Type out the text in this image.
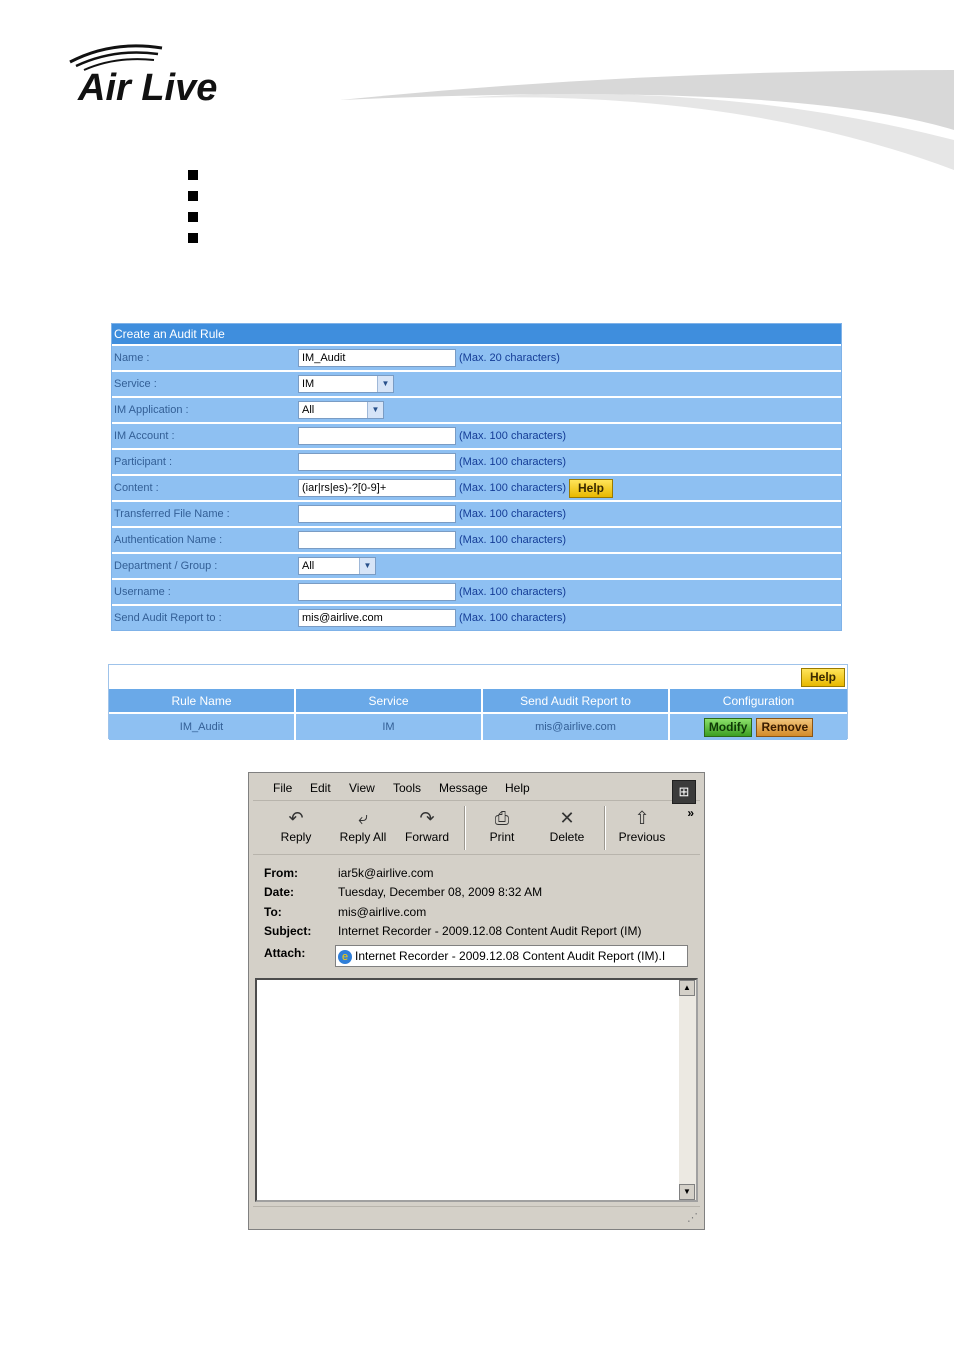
Air Live
Create an Audit Rule	
Name :	IM_Audit (Max. 20 characters)
Service :	IM ▼

IM Application :	All ▼

IM Account :	(Max. 100 characters)
Participant :	(Max. 100 characters)
Content :	(iar|rs|es)-?[0-9]+ (Max. 100 characters) Help
Transferred File Name :	(Max. 100 characters)
Authentication Name :	(Max. 100 characters)
Department / Group :	All ▼

Username :	(Max. 100 characters)
Send Audit Report to :	mis@airlive.com (Max. 100 characters)
Help
Rule Name	Service	Send Audit Report to	Configuration
IM_Audit	IM	mis@airlive.com	Modify Remove
File Edit View Tools Message Help	⊞
↶
Reply
⤶
Reply All
↷
Forward
⎙
Print
✕
Delete
⇧
Previous
»
From:	iar5k@airlive.com
Date:	Tuesday, December 08, 2009 8:32 AM
To:	mis@airlive.com
Subject: Internet Recorder - 2009.12.08 Content Audit Report (IM)
Attach:	e Internet Recorder - 2009.12.08 Content Audit Report (IM).I
▲
▼
⋰
